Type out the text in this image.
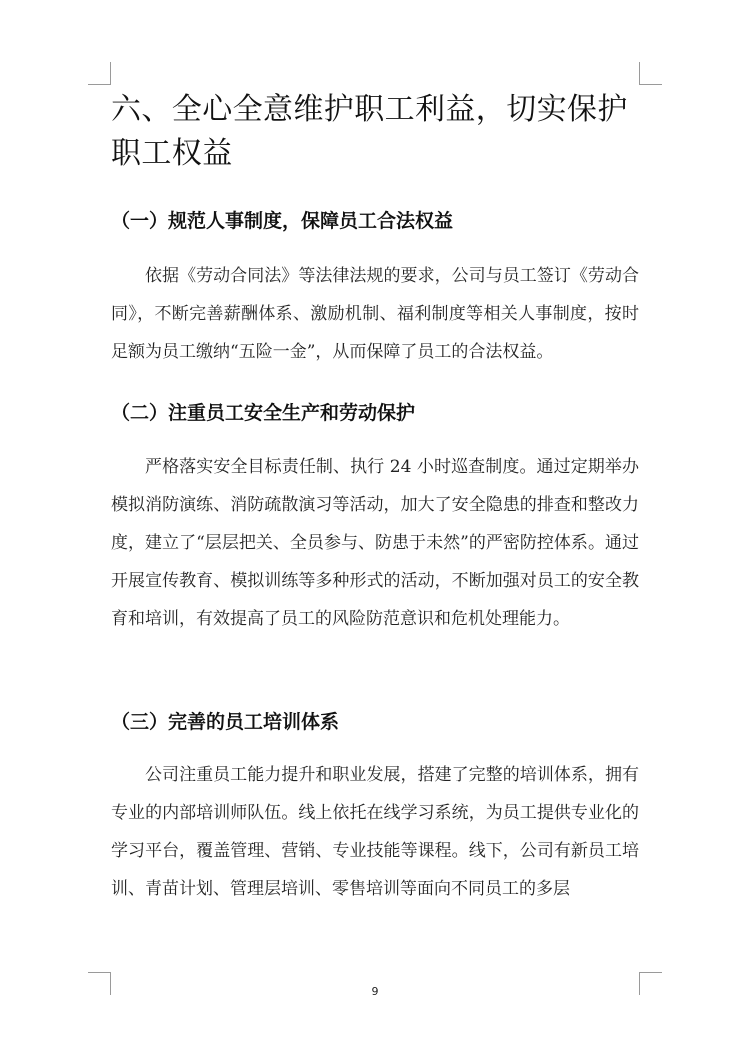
六、全心全意维护职工利益，切实保护职工权益
（一）规范人事制度，保障员工合法权益

依据《劳动合同法》等法律法规的要求，公司与员工签订《劳动合同》，不断完善薪酬体系、激励机制、福利制度等相关人事制度，按时足额为员工缴纳“五险一金”，从而保障了员工的合法权益。

（二）注重员工安全生产和劳动保护

严格落实安全目标责任制、执行 24 小时巡查制度。通过定期举办模拟消防演练、消防疏散演习等活动，加大了安全隐患的排查和整改力度，建立了“层层把关、全员参与、防患于未然”的严密防控体系。通过开展宣传教育、模拟训练等多种形式的活动，不断加强对员工的安全教育和培训，有效提高了员工的风险防范意识和危机处理能力。

（三）完善的员工培训体系

公司注重员工能力提升和职业发展，搭建了完整的培训体系，拥有专业的内部培训师队伍。线上依托在线学习系统，为员工提供专业化的学习平台，覆盖管理、营销、专业技能等课程。线下，公司有新员工培训、青苗计划、管理层培训、零售培训等面向不同员工的多层

9
